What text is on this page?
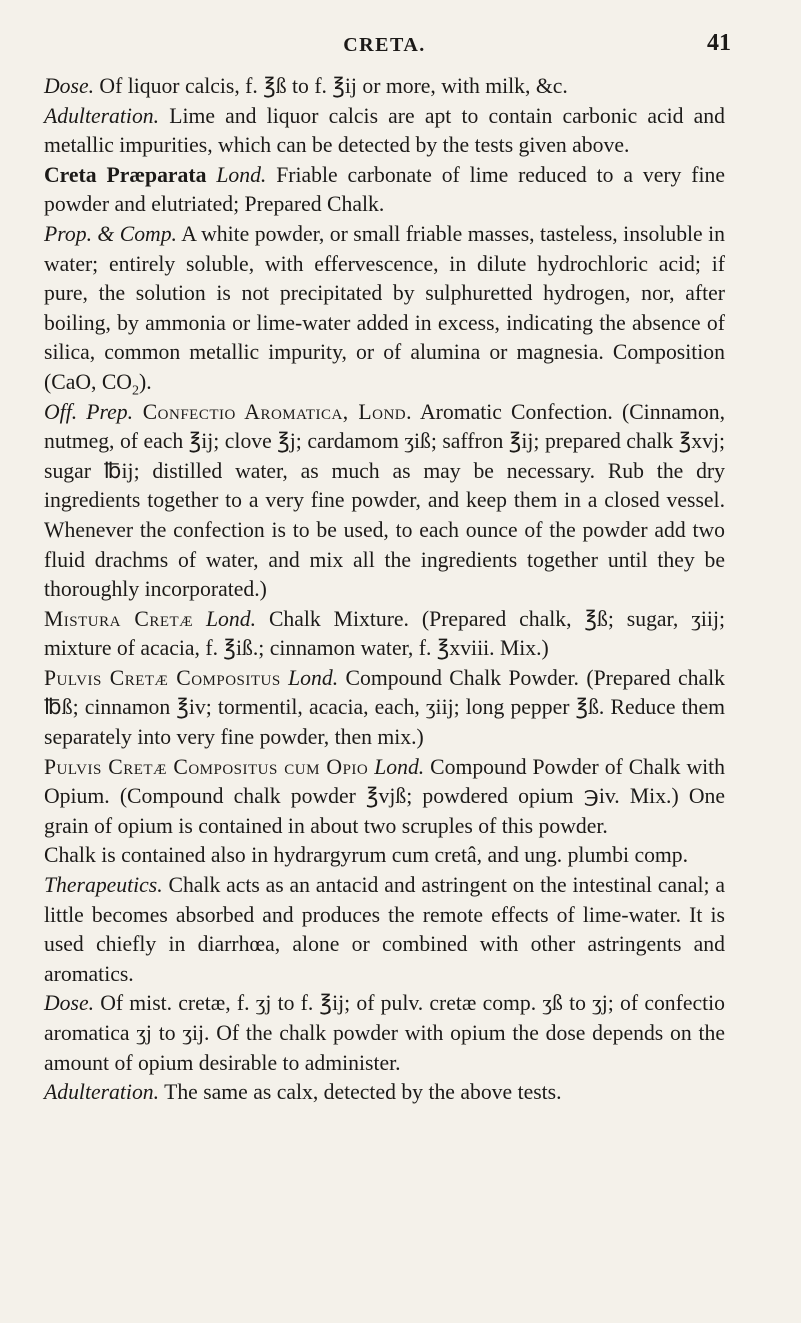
CRETA.	41

Dose. Of liquor calcis, f. ℥ß to f. ℥ij or more, with milk, &c.

Adulteration. Lime and liquor calcis are apt to contain carbonic acid and metallic impurities, which can be detected by the tests given above.

Creta Præparata Lond. Friable carbonate of lime reduced to a very fine powder and elutriated; Prepared Chalk.

Prop. & Comp. A white powder, or small friable masses, tasteless, insoluble in water; entirely soluble, with effervescence, in dilute hydrochloric acid; if pure, the solution is not precipitated by sulphuretted hydrogen, nor, after boiling, by ammonia or lime-water added in excess, indicating the absence of silica, common metallic impurity, or of alumina or magnesia. Composition (CaO, $CO_2$).

Off. Prep. Confectio Aromatica, Lond. Aromatic Confection. (Cinnamon, nutmeg, of each ℥ij; clove ℥j; cardamom ʒiß; saffron ℥ij; prepared chalk ℥xvj; sugar ℔ij; distilled water, as much as may be necessary. Rub the dry ingredients together to a very fine powder, and keep them in a closed vessel. Whenever the confection is to be used, to each ounce of the powder add two fluid drachms of water, and mix all the ingredients together until they be thoroughly incorporated.)

Mistura Cretæ Lond. Chalk Mixture. (Prepared chalk, ℥ß; sugar, ʒiij; mixture of acacia, f. ℥iß.; cinnamon water, f. ℥xviii. Mix.)

Pulvis Cretæ Compositus Lond. Compound Chalk Powder. (Prepared chalk ℔ß; cinnamon ℥iv; tormentil, acacia, each, ʒiij; long pepper ℥ß. Reduce them separately into very fine powder, then mix.)

Pulvis Cretæ Compositus cum Opio Lond. Compound Powder of Chalk with Opium. (Compound chalk powder ℥vjß; powdered opium ℈iv. Mix.) One grain of opium is contained in about two scruples of this powder.

Chalk is contained also in hydrargyrum cum cretâ, and ung. plumbi comp.

Therapeutics. Chalk acts as an antacid and astringent on the intestinal canal; a little becomes absorbed and produces the remote effects of lime-water. It is used chiefly in diarrhœa, alone or combined with other astringents and aromatics.

Dose. Of mist. cretæ, f. ʒj to f. ℥ij; of pulv. cretæ comp. ʒß to ʒj; of confectio aromatica ʒj to ʒij. Of the chalk powder with opium the dose depends on the amount of opium desirable to administer.

Adulteration. The same as calx, detected by the above tests.
